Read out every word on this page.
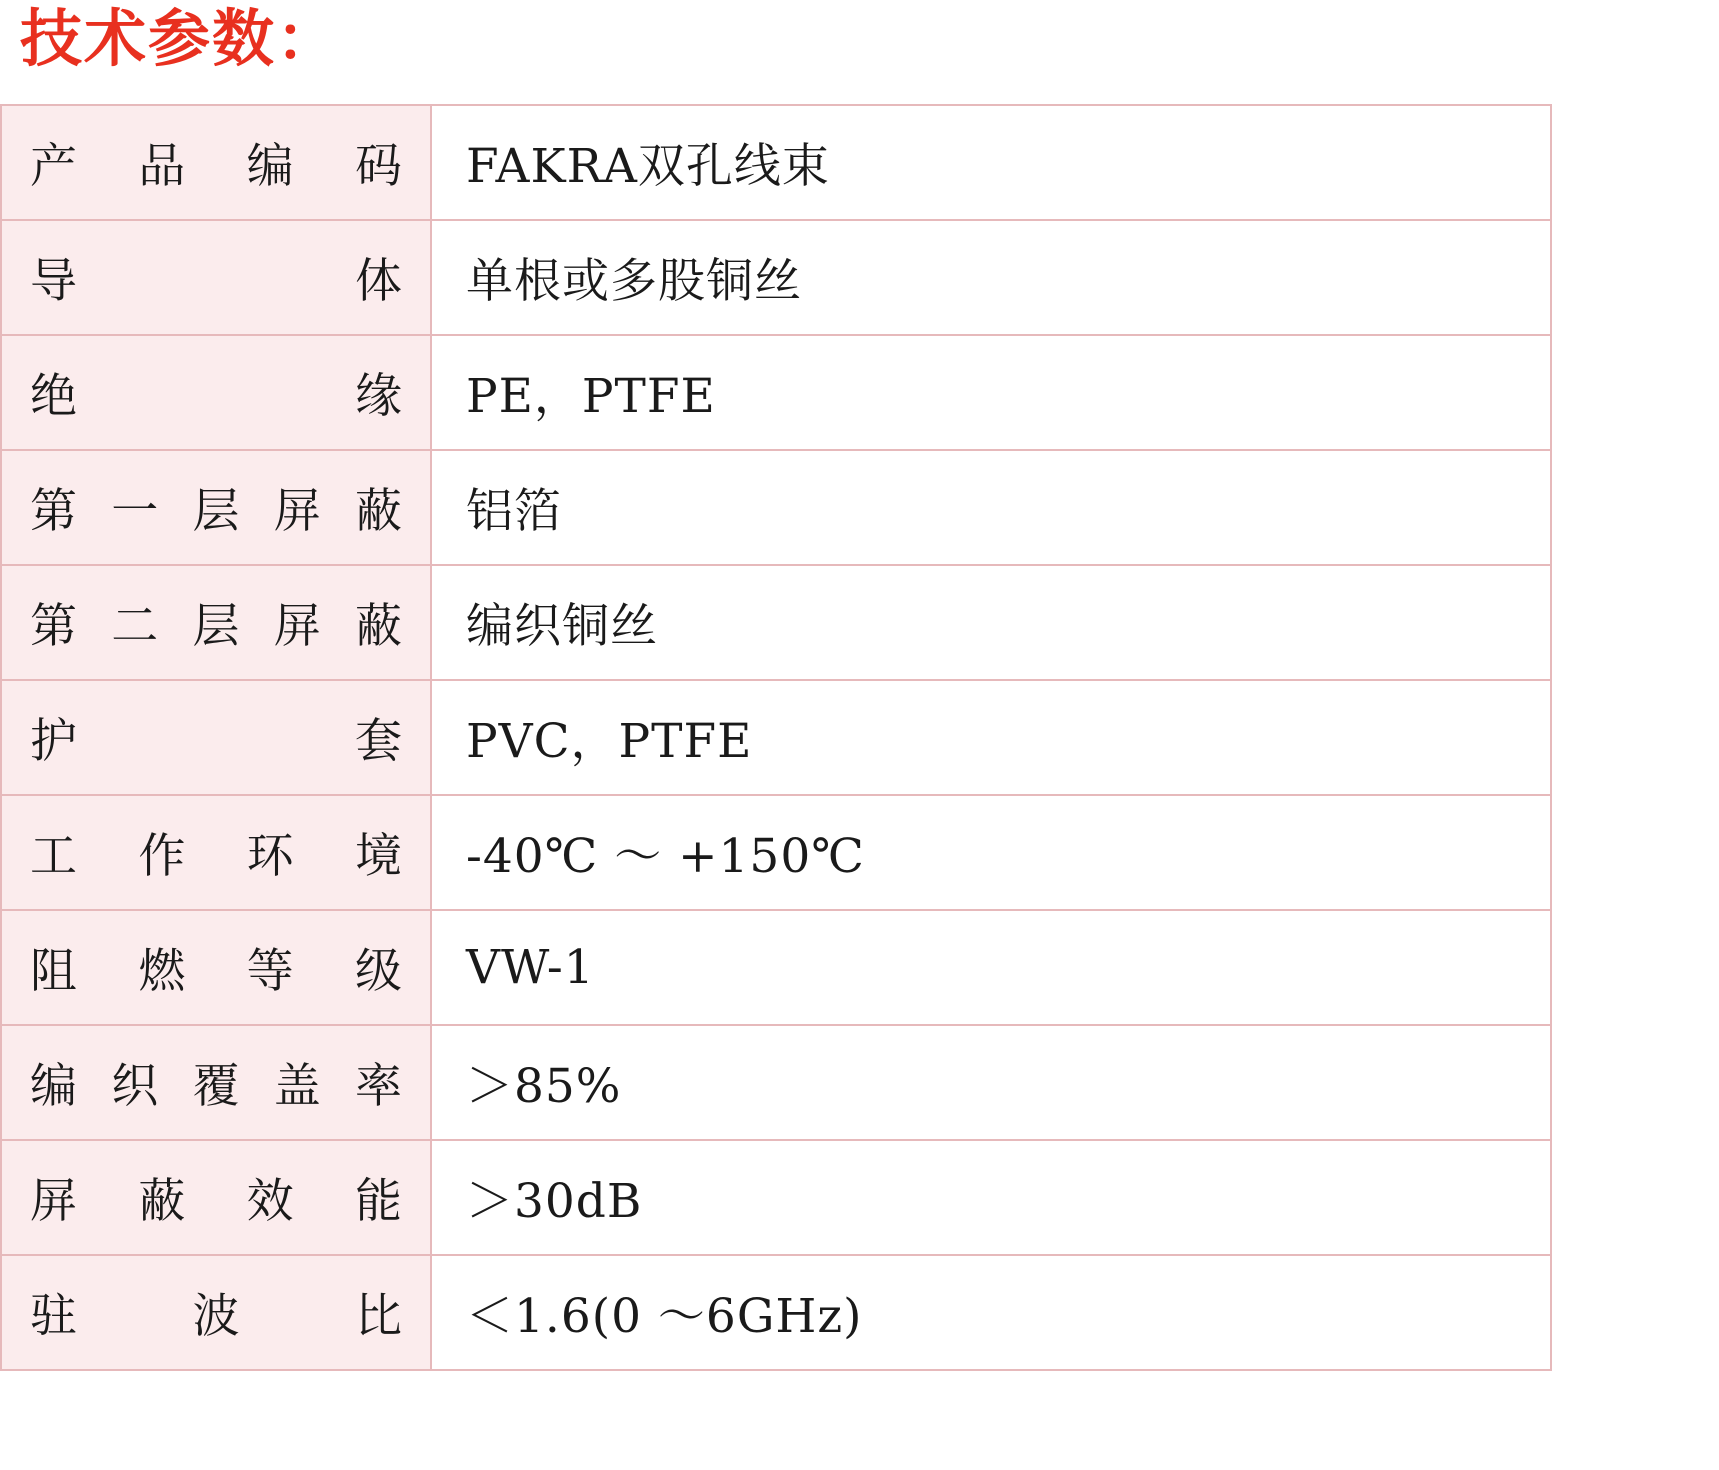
技术参数：
产品编码	FAKRA双孔线束

导体	单根或多股铜丝

绝缘	PE，PTFE

第一层屏蔽	铝箔

第二层屏蔽	编织铜丝

护套	PVC，PTFE

工作环境	-40℃ ～ +150℃

阻燃等级	VW-1

编织覆盖率	＞85%

屏蔽效能	＞30dB

驻波比	＜1.6(0 ～6GHz)
